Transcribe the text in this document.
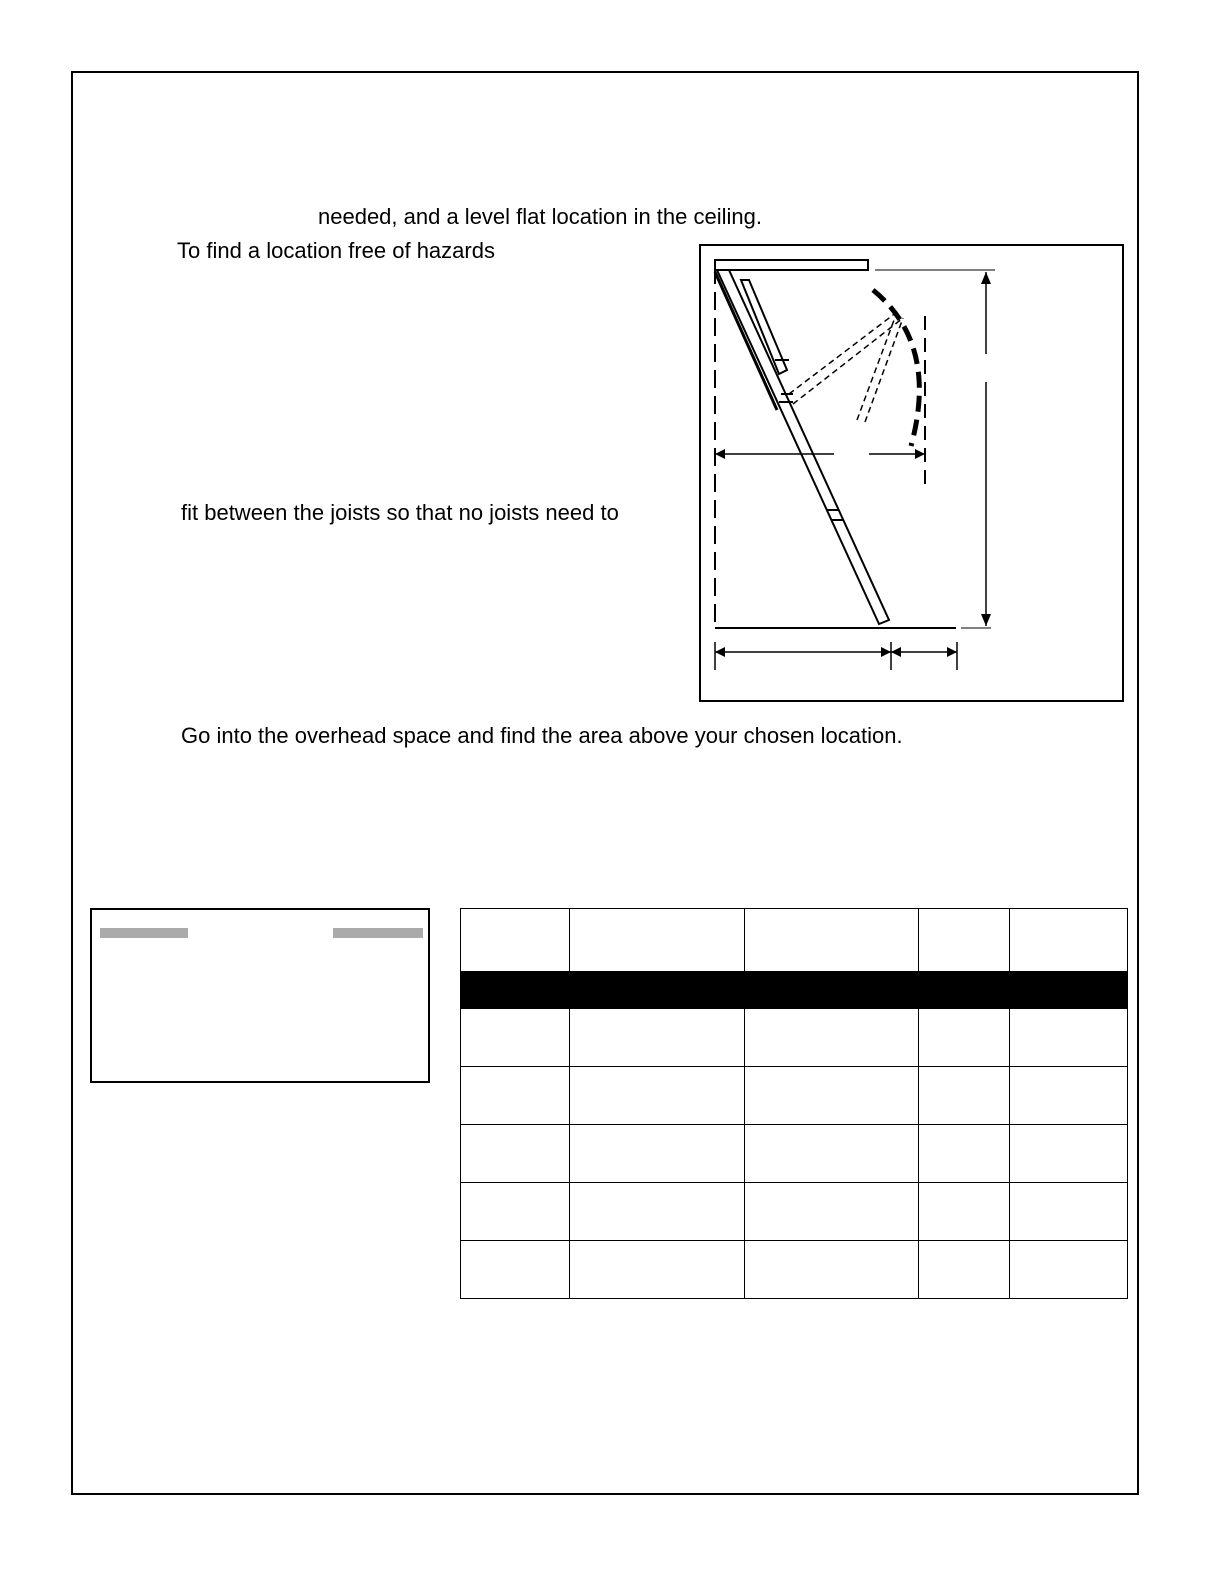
needed, and a level flat location in the ceiling.
To find a location free of hazards
fit between the joists so that no joists need to
Go into the overhead space and find the area above your chosen location.
